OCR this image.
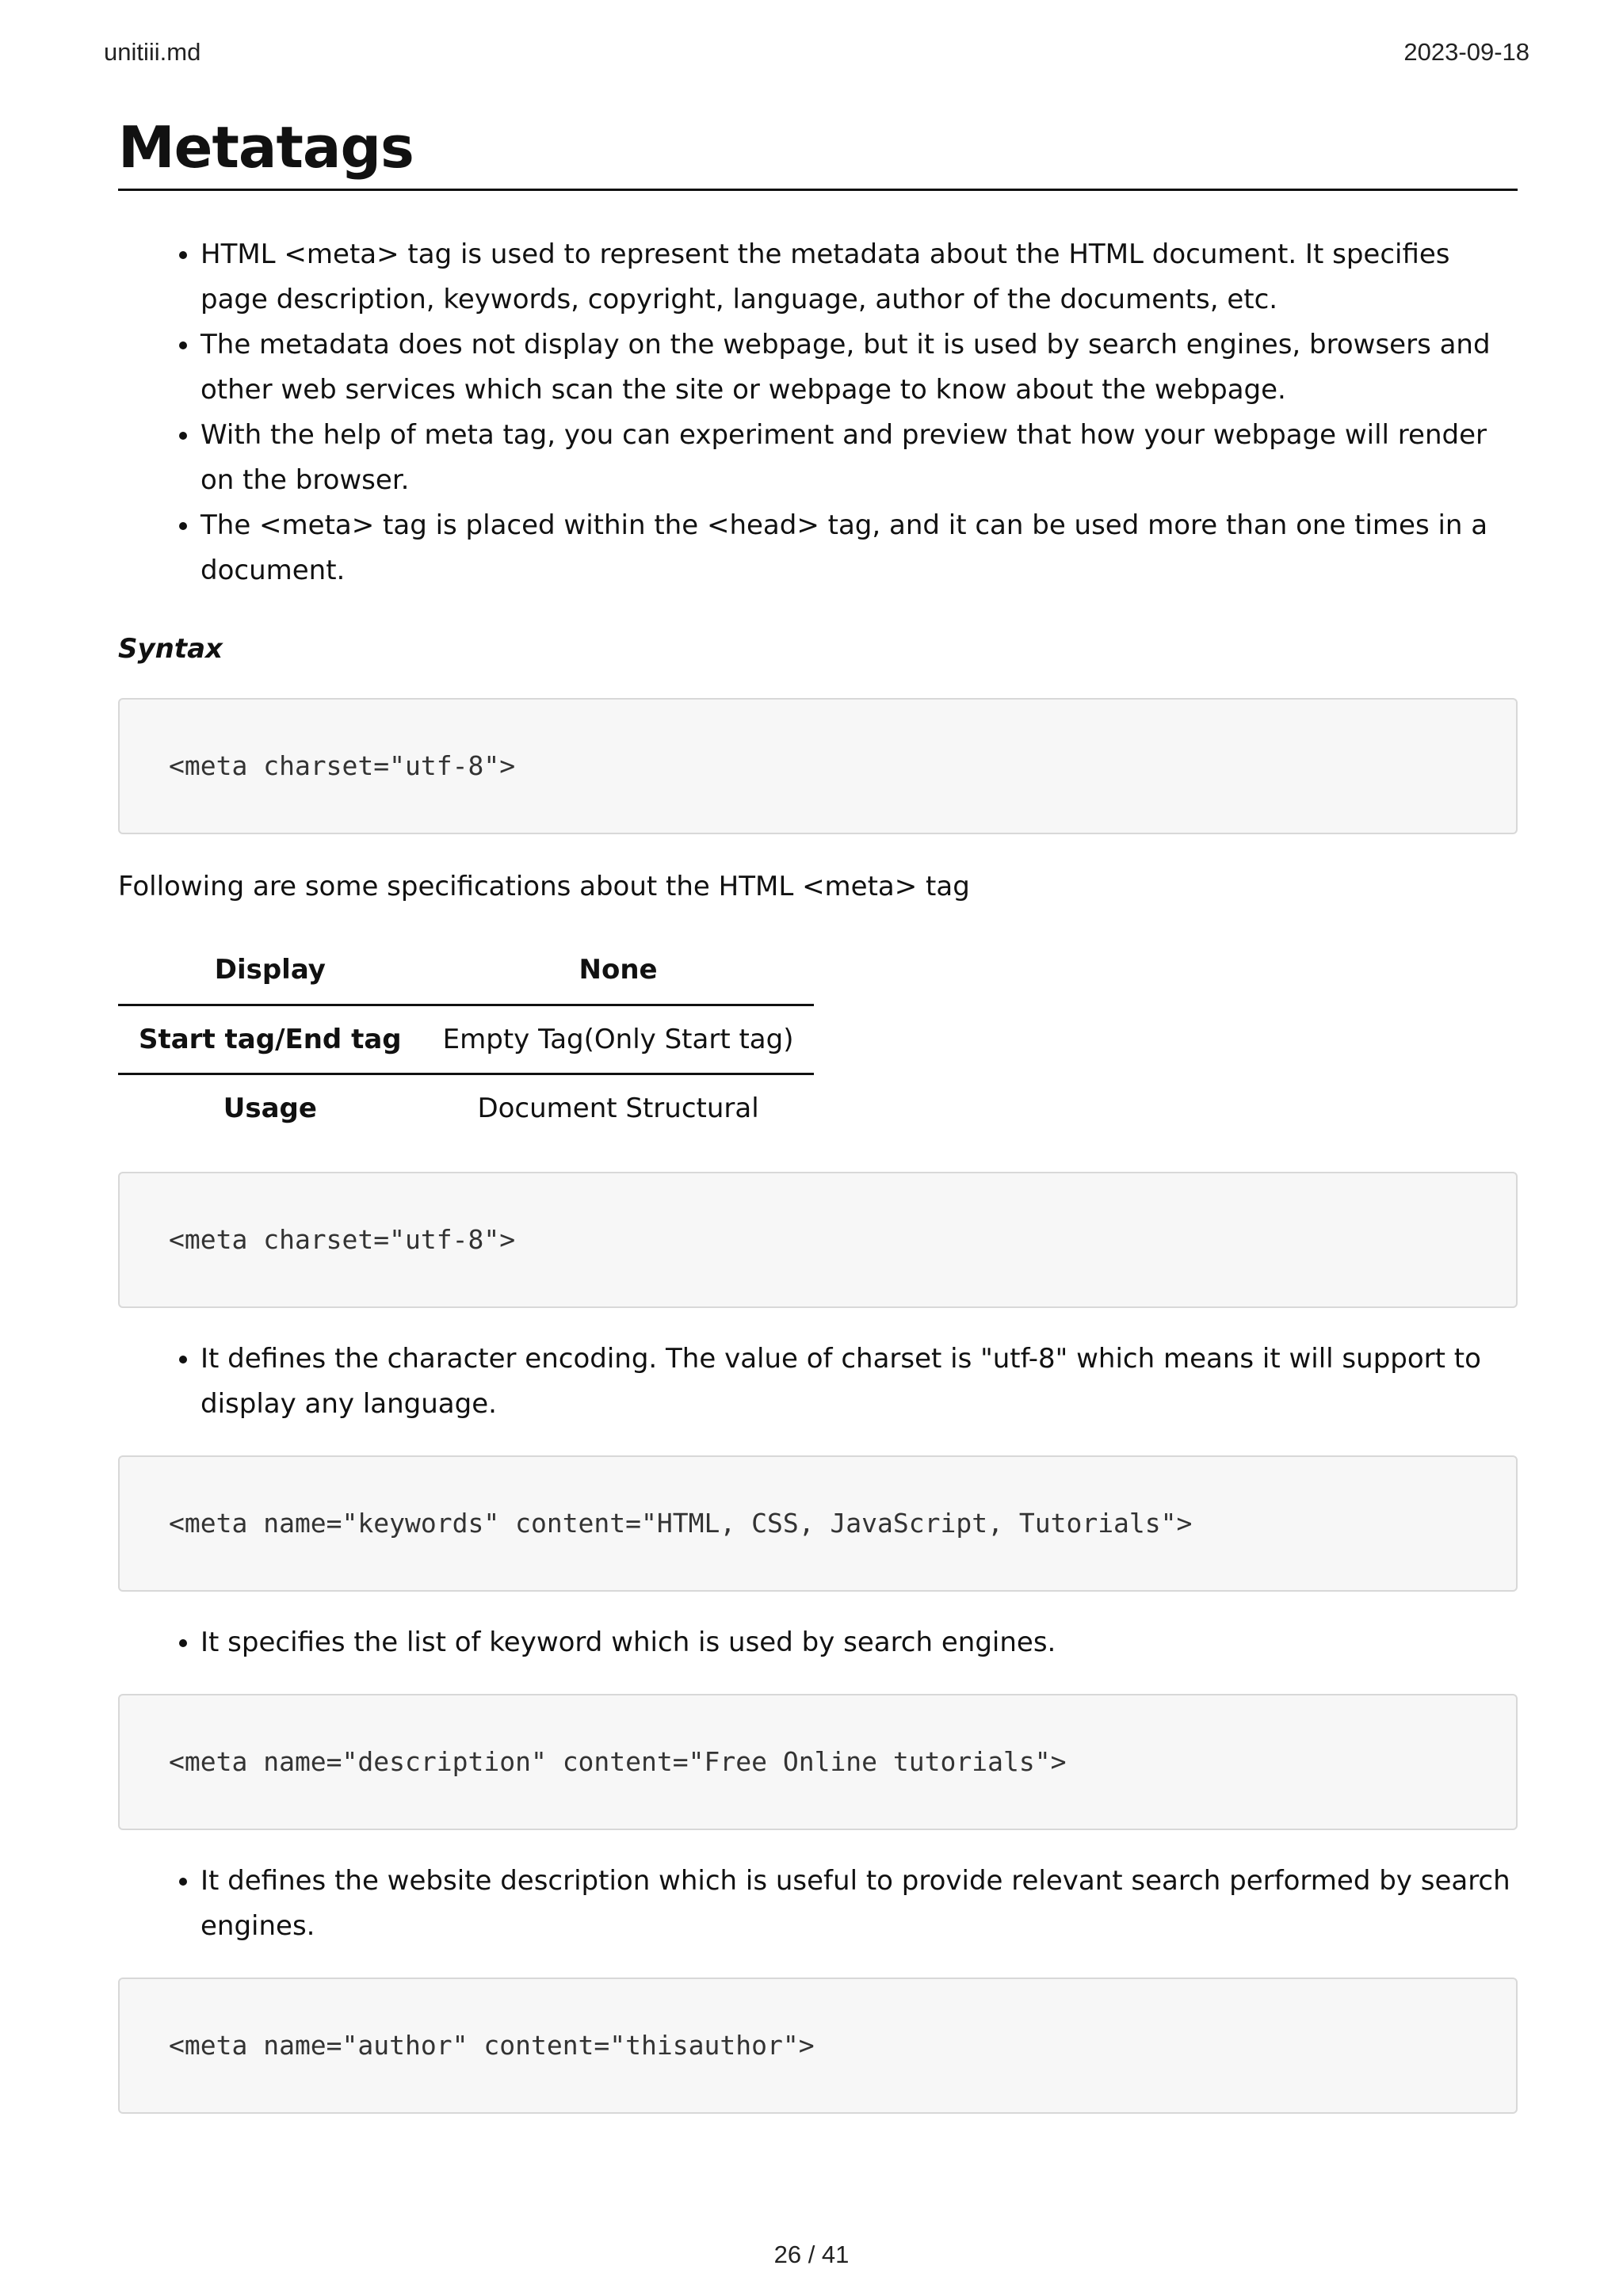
unitiii.md	2023-09-18
Metatags
• HTML <meta> tag is used to represent the metadata about the HTML document. It specifies page description, keywords, copyright, language, author of the documents, etc.
• The metadata does not display on the webpage, but it is used by search engines, browsers and other web services which scan the site or webpage to know about the webpage.
• With the help of meta tag, you can experiment and preview that how your webpage will render on the browser.
• The <meta> tag is placed within the <head> tag, and it can be used more than one times in a document.
Syntax
<meta charset="utf-8">

Following are some specifications about the HTML <meta> tag

Display	None
Start tag/End tag	Empty Tag(Only Start tag)
Usage	Document Structural
<meta charset="utf-8">
• It defines the character encoding. The value of charset is "utf-8" which means it will support to display any language.
<meta name="keywords" content="HTML, CSS, JavaScript, Tutorials">
• It specifies the list of keyword which is used by search engines.
<meta name="description" content="Free Online tutorials">
• It defines the website description which is useful to provide relevant search performed by search engines.
<meta name="author" content="thisauthor">
26 / 41
